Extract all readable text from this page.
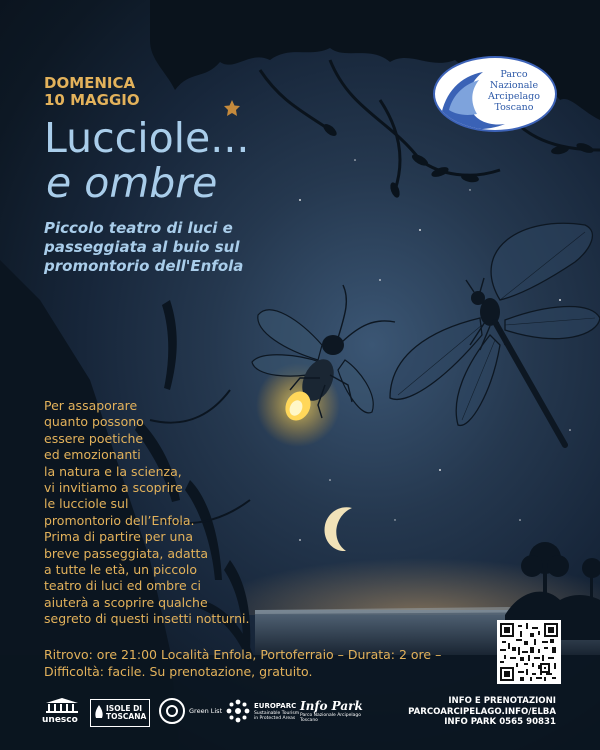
Parco
Nazionale
Arcipelago
Toscano
DOMENICA
10 MAGGIO
Lucciole...
e ombre
Piccolo teatro di luci e passeggiata al buio sul promontorio dell'Enfola
Per assaporare
quanto possono
essere poetiche
ed emozionanti
la natura e la scienza,
vi invitiamo a scoprire
le lucciole sul
promontorio dell’Enfola.
Prima di partire per una
breve passeggiata, adatta
a tutte le età, un piccolo
teatro di luci ed ombre ci
aiuterà a scoprire qualche
segreto di questi insetti notturni.
Ritrovo: ore 21:00 Località Enfola, Portoferraio – Durata: 2 ore – Difficoltà: facile. Su prenotazione, gratuito.
unesco
ISOLE DI TOSCANA
Green List
EUROPARC
Sustainable Tourism in Protected Areas
Info Park
Parco Nazionale Arcipelago Toscano
INFO E PRENOTAZIONI
PARCOARCIPELAGO.INFO/ELBA
INFO PARK 0565 90831
